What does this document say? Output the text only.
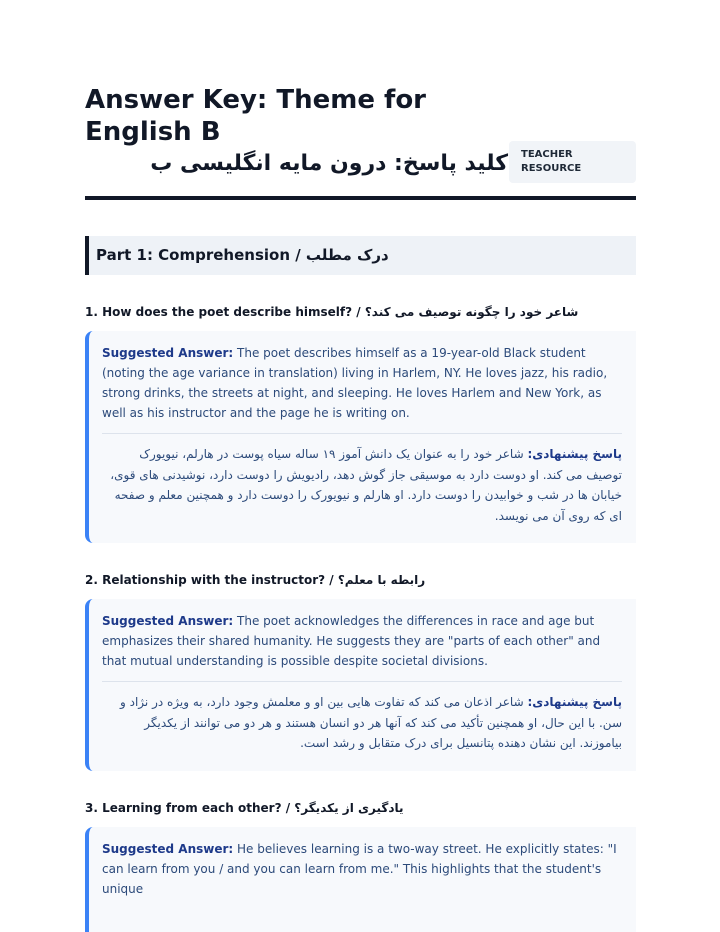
Answer Key: Theme for English B
کلید پاسخ: درون مایه انگلیسی ب	TEACHER RESOURCE
Part 1: Comprehension / درک مطلب
1. How does the poet describe himself? / شاعر خود را چگونه توصیف می کند؟

Suggested Answer: The poet describes himself as a 19-year-old Black student (noting the age variance in translation) living in Harlem, NY. He loves jazz, his radio, strong drinks, the streets at night, and sleeping. He loves Harlem and New York, as well as his instructor and the page he is writing on.

پاسخ پیشنهادی: شاعر خود را به عنوان یک دانش آموز ۱۹ ساله سیاه پوست در هارلم، نیویورک توصیف می کند. او دوست دارد به موسیقی جاز گوش دهد، رادیویش را دوست دارد، نوشیدنی های قوی، خیابان ها در شب و خوابیدن را دوست دارد. او هارلم و نیویورک را دوست دارد و همچنین معلم و صفحه ای که روی آن می نویسد.

2. Relationship with the instructor? / رابطه با معلم؟

Suggested Answer: The poet acknowledges the differences in race and age but emphasizes their shared humanity. He suggests they are "parts of each other" and that mutual understanding is possible despite societal divisions.

پاسخ پیشنهادی: شاعر اذعان می کند که تفاوت هایی بین او و معلمش وجود دارد، به ویژه در نژاد و سن. با این حال، او همچنین تأکید می کند که آنها هر دو انسان هستند و هر دو می توانند از یکدیگر بیاموزند. این نشان دهنده پتانسیل برای درک متقابل و رشد است.

3. Learning from each other? / یادگیری از یکدیگر؟

Suggested Answer: He believes learning is a two-way street. He explicitly states: "I can learn from you / and you can learn from me." This highlights that the student's unique
